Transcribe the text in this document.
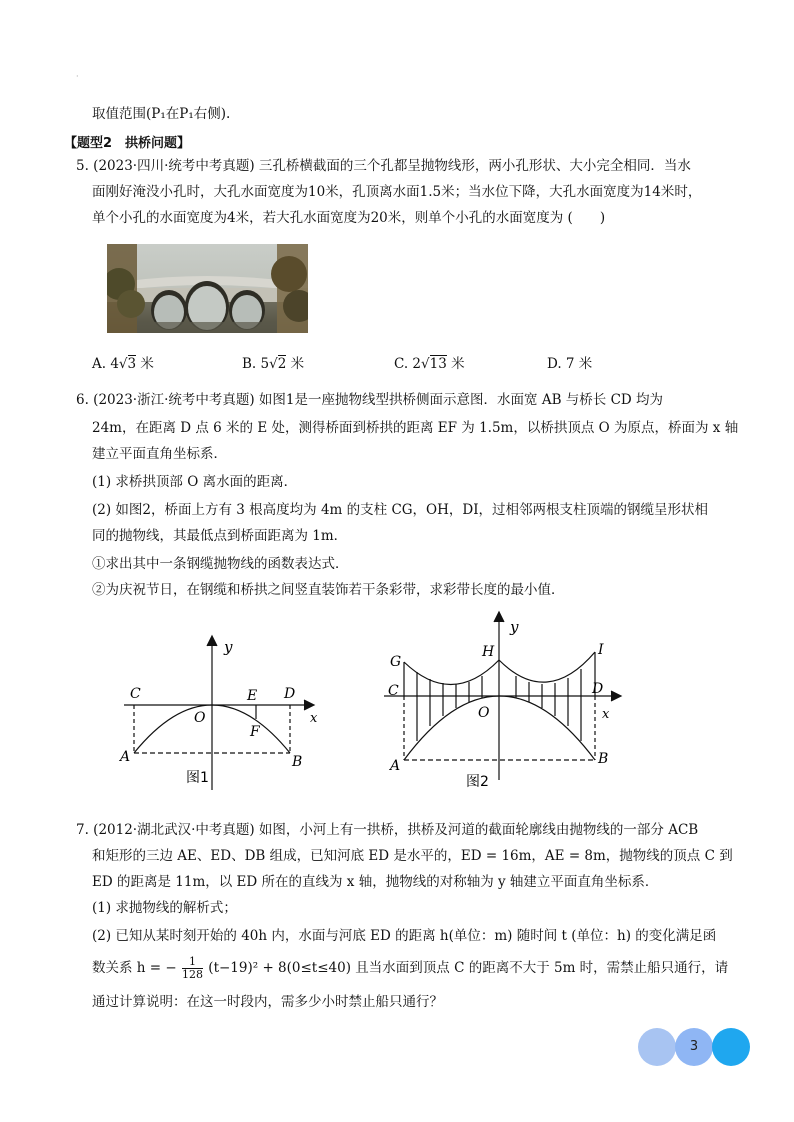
·
取值范围(P₁在P₁右侧).
【题型2　拱桥问题】
5. (2023·四川·统考中考真题) 三孔桥横截面的三个孔都呈抛物线形，两小孔形状、大小完全相同．当水
面刚好淹没小孔时，大孔水面宽度为10米，孔顶离水面1.5米；当水位下降，大孔水面宽度为14米时，
单个小孔的水面宽度为4米，若大孔水面宽度为20米，则单个小孔的水面宽度为 (　　)
A. 4√3 米	B. 5√2 米	C. 2√13 米	D. 7 米
6. (2023·浙江·统考中考真题) 如图1是一座抛物线型拱桥侧面示意图．水面宽 AB 与桥长 CD 均为
24m，在距离 D 点 6 米的 E 处，测得桥面到桥拱的距离 EF 为 1.5m，以桥拱顶点 O 为原点，桥面为 x 轴
建立平面直角坐标系．
(1) 求桥拱顶部 O 离水面的距离．
(2) 如图2，桥面上方有 3 根高度均为 4m 的支柱 CG，OH，DI，过相邻两根支柱顶端的钢缆呈形状相
同的抛物线，其最低点到桥面距离为 1m．
①求出其中一条钢缆抛物线的函数表达式．
②为庆祝节日，在钢缆和桥拱之间竖直装饰若干条彩带，求彩带长度的最小值．
y
x
C	E D
O
F
A	B
图1
y
x
G
H	I
C	D
O
A	B
图2
7. (2012·湖北武汉·中考真题) 如图，小河上有一拱桥，拱桥及河道的截面轮廓线由抛物线的一部分 ACB
和矩形的三边 AE、ED、DB 组成，已知河底 ED 是水平的，ED = 16m，AE = 8m，抛物线的顶点 C 到
ED 的距离是 11m，以 ED 所在的直线为 x 轴，抛物线的对称轴为 y 轴建立平面直角坐标系．
(1) 求抛物线的解析式；
(2) 已知从某时刻开始的 40h 内，水面与河底 ED 的距离 h(单位：m) 随时间 t (单位：h) 的变化满足函
数关系 h = − $\frac{1}{128} (t-19)^2 + 8(0\le t\le 40)$ 且当水面到顶点 C 的距离不大于 5m 时，需禁止船只通行，请
通过计算说明：在这一时段内，需多少小时禁止船只通行？
3
